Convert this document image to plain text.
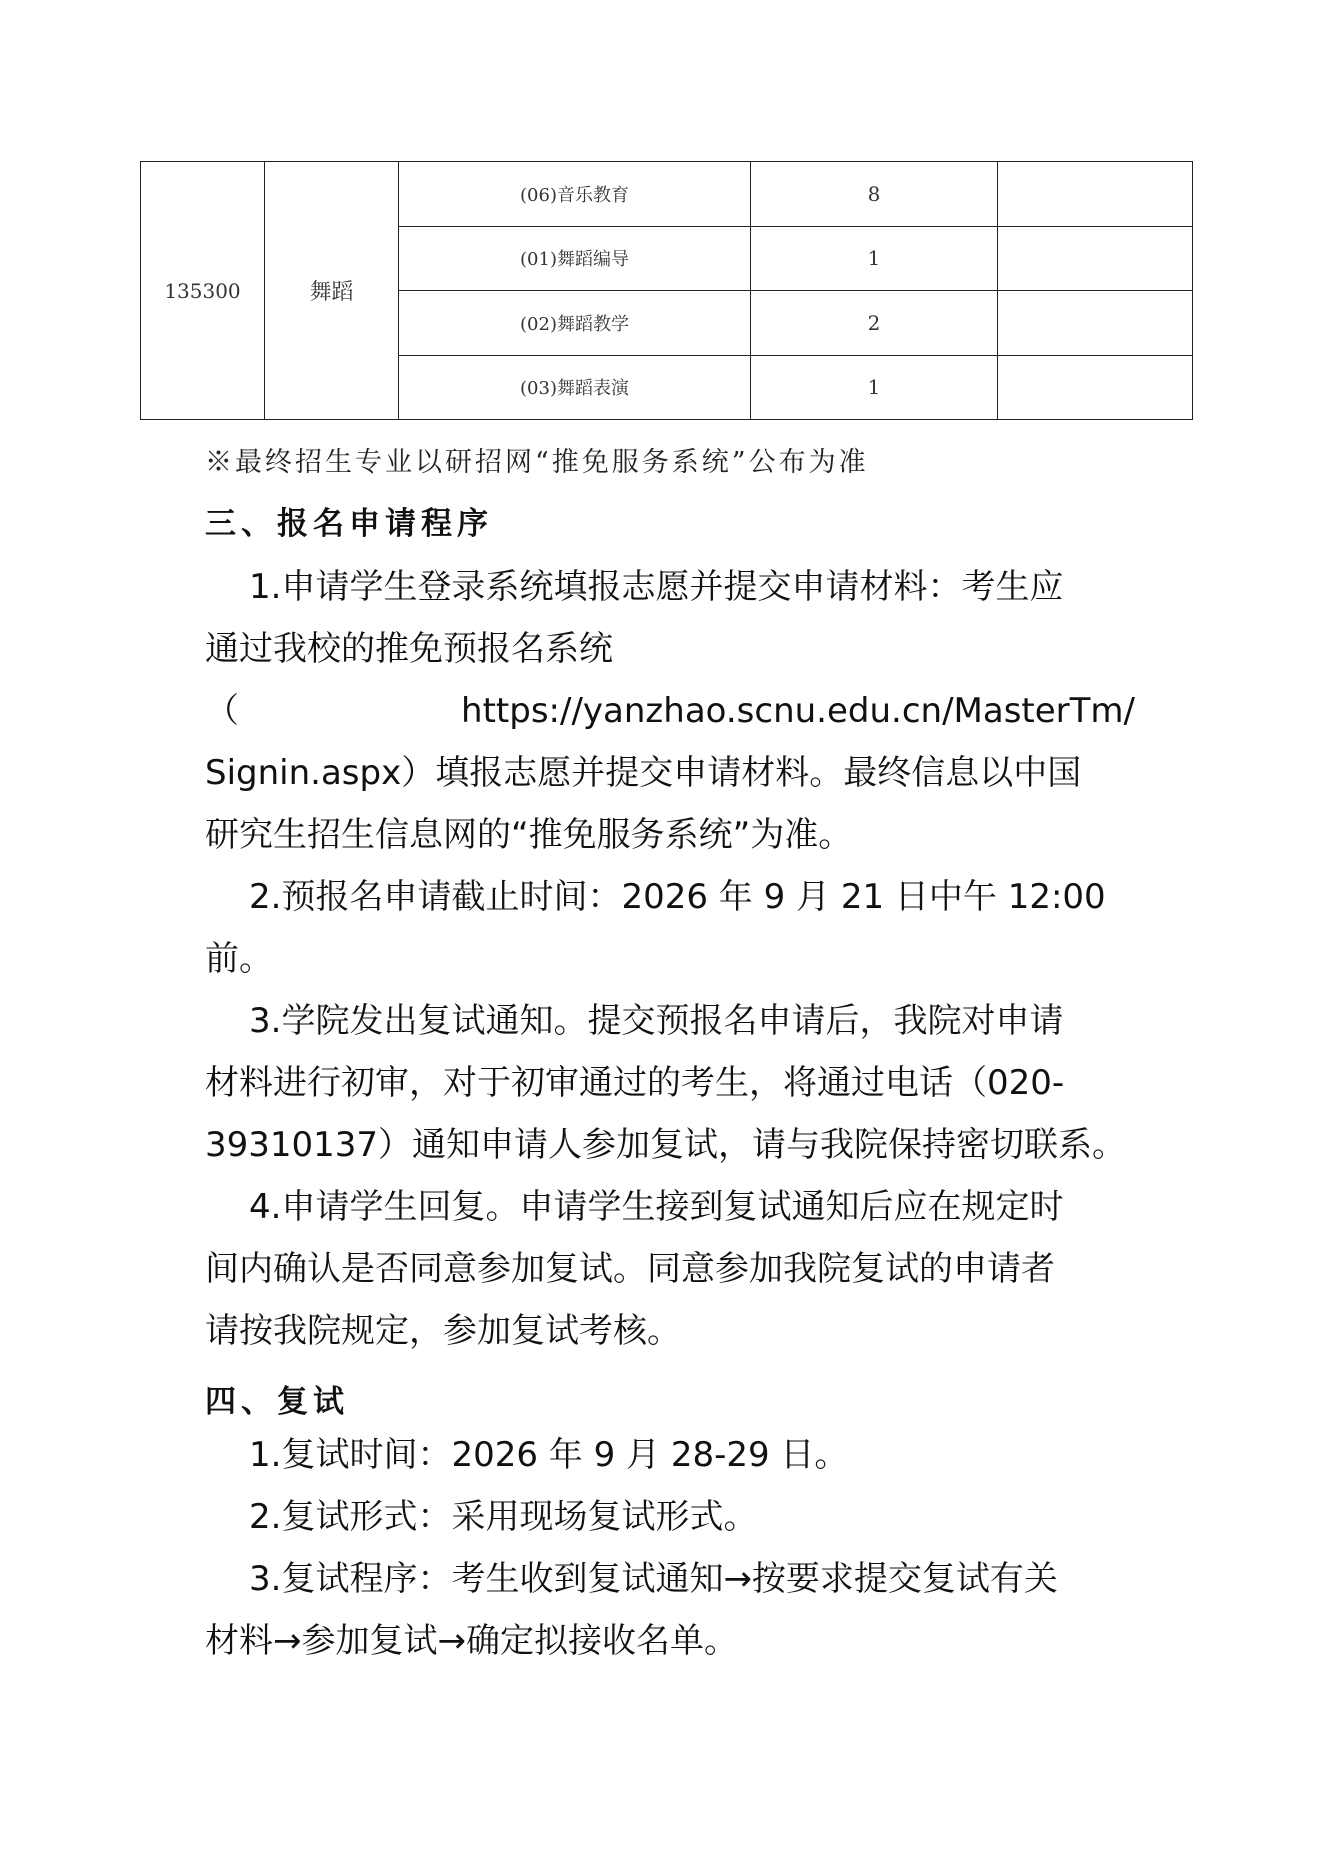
135300	舞蹈	(06)音乐教育	8	
		(01)舞蹈编导	1	
		(02)舞蹈教学	2	
		(03)舞蹈表演	1	
※最终招生专业以研招网“推免服务系统”公布为准
三、报名申请程序
1.申请学生登录系统填报志愿并提交申请材料：考生应
通过我校的推免预报名系统
（	https://yanzhao.scnu.edu.cn/MasterTm/
Signin.aspx）填报志愿并提交申请材料。最终信息以中国
研究生招生信息网的“推免服务系统”为准。
2.预报名申请截止时间：2026 年 9 月 21 日中午 12:00
前。
3.学院发出复试通知。提交预报名申请后，我院对申请
材料进行初审，对于初审通过的考生，将通过电话（020-
39310137）通知申请人参加复试，请与我院保持密切联系。
4.申请学生回复。申请学生接到复试通知后应在规定时
间内确认是否同意参加复试。同意参加我院复试的申请者
请按我院规定，参加复试考核。
四、复试
1.复试时间：2026 年 9 月 28-29 日。
2.复试形式：采用现场复试形式。
3.复试程序：考生收到复试通知→按要求提交复试有关
材料→参加复试→确定拟接收名单。
